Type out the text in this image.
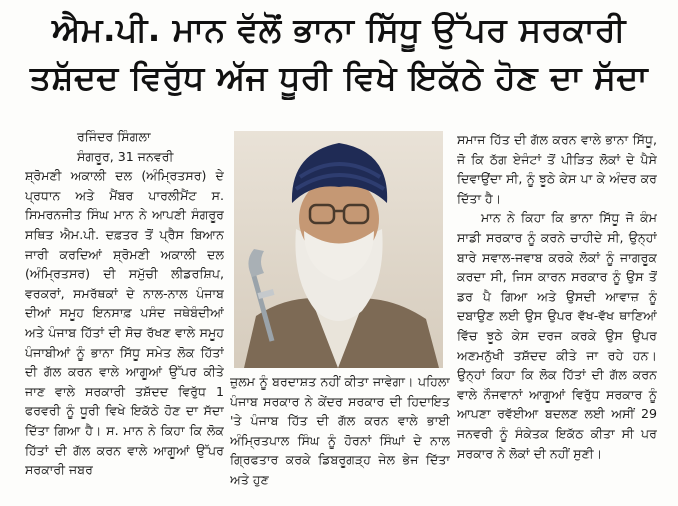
ਐਮ.ਪੀ. ਮਾਨ ਵੱਲੋਂ ਭਾਨਾ ਸਿੱਧੂ ਉੱਪਰ ਸਰਕਾਰੀ
ਤਸ਼ੱਦਦ ਵਿਰੁੱਧ ਅੱਜ ਧੂਰੀ ਵਿਖੇ ਇਕੱਠੇ ਹੋਣ ਦਾ ਸੱਦਾ

ਰਜਿੰਦਰ ਸਿੰਗਲਾ

ਸੰਗਰੂਰ, 31 ਜਨਵਰੀ

ਸ਼੍ਰੋਮਣੀ ਅਕਾਲੀ ਦਲ (ਅੰਮ੍ਰਿਤਸਰ) ਦੇ ਪ੍ਰਧਾਨ ਅਤੇ ਮੈਂਬਰ ਪਾਰਲੀਮੈਂਟ ਸ. ਸਿਮਰਨਜੀਤ ਸਿੰਘ ਮਾਨ ਨੇ ਆਪਣੀ ਸੰਗਰੂਰ ਸਥਿਤ ਐਮ.ਪੀ. ਦਫ਼ਤਰ ਤੋਂ ਪ੍ਰੈਸ ਬਿਆਨ ਜਾਰੀ ਕਰਦਿਆਂ ਸ਼੍ਰੋਮਣੀ ਅਕਾਲੀ ਦਲ (ਅੰਮ੍ਰਿਤਸਰ) ਦੀ ਸਮੁੱਚੀ ਲੀਡਰਸ਼ਿਪ, ਵਰਕਰਾਂ, ਸਮਰੱਥਕਾਂ ਦੇ ਨਾਲ-ਨਾਲ ਪੰਜਾਬ ਦੀਆਂ ਸਮੂਹ ਇਨਸਾਫ਼ ਪਸੰਦ ਜਥੇਬੰਦੀਆਂ ਅਤੇ ਪੰਜਾਬ ਹਿੱਤਾਂ ਦੀ ਸੋਚ ਰੱਖਣ ਵਾਲੇ ਸਮੂਹ ਪੰਜਾਬੀਆਂ ਨੂੰ ਭਾਨਾ ਸਿੱਧੂ ਸਮੇਤ ਲੋਕ ਹਿੱਤਾਂ ਦੀ ਗੱਲ ਕਰਨ ਵਾਲੇ ਆਗੂਆਂ ਉੱਪਰ ਕੀਤੇ ਜਾਣ ਵਾਲੇ ਸਰਕਾਰੀ ਤਸ਼ੱਦਦ ਵਿਰੁੱਧ 1 ਫਰਵਰੀ ਨੂੰ ਧੂਰੀ ਵਿਖੇ ਇਕੱਠੇ ਹੋਣ ਦਾ ਸੱਦਾ ਦਿੱਤਾ ਗਿਆ ਹੈ। ਸ. ਮਾਨ ਨੇ ਕਿਹਾ ਕਿ ਲੋਕ ਹਿੱਤਾਂ ਦੀ ਗੱਲ ਕਰਨ ਵਾਲੇ ਆਗੂਆਂ ਉੱਪਰ ਸਰਕਾਰੀ ਜਬਰ

ਜ਼ੁਲਮ ਨੂੰ ਬਰਦਾਸ਼ਤ ਨਹੀਂ ਕੀਤਾ ਜਾਵੇਗਾ। ਪਹਿਲਾ ਪੰਜਾਬ ਸਰਕਾਰ ਨੇ ਕੇਂਦਰ ਸਰਕਾਰ ਦੀ ਹਿਦਾਇਤ 'ਤੇ ਪੰਜਾਬ ਹਿੱਤ ਦੀ ਗੱਲ ਕਰਨ ਵਾਲੇ ਭਾਈ ਅੰਮ੍ਰਿਤਪਾਲ ਸਿੰਘ ਨੂੰ ਹੋਰਨਾਂ ਸਿੰਘਾਂ ਦੇ ਨਾਲ ਗ੍ਰਿਫਤਾਰ ਕਰਕੇ ਡਿਬਰੂਗੜ੍ਹ ਜੇਲ ਭੇਜ ਦਿੱਤਾ ਅਤੇ ਹੁਣ

ਸਮਾਜ ਹਿੱਤ ਦੀ ਗੱਲ ਕਰਨ ਵਾਲੇ ਭਾਨਾ ਸਿੱਧੂ, ਜੋ ਕਿ ਠੱਗ ਏਜੰਟਾਂ ਤੋਂ ਪੀੜਿਤ ਲੋਕਾਂ ਦੇ ਪੈਸੇ ਦਿਵਾਉਂਦਾ ਸੀ, ਨੂੰ ਝੂਠੇ ਕੇਸ ਪਾ ਕੇ ਅੰਦਰ ਕਰ ਦਿੱਤਾ ਹੈ।

ਮਾਨ ਨੇ ਕਿਹਾ ਕਿ ਭਾਨਾ ਸਿੱਧੂ ਜੋ ਕੰਮ ਸਾਡੀ ਸਰਕਾਰ ਨੂੰ ਕਰਨੇ ਚਾਹੀਦੇ ਸੀ, ਉਨ੍ਹਾਂ ਬਾਰੇ ਸਵਾਲ-ਜਵਾਬ ਕਰਕੇ ਲੋਕਾਂ ਨੂੰ ਜਾਗਰੂਕ ਕਰਦਾ ਸੀ, ਜਿਸ ਕਾਰਨ ਸਰਕਾਰ ਨੂੰ ਉਸ ਤੋਂ ਡਰ ਪੈ ਗਿਆ ਅਤੇ ਉਸਦੀ ਆਵਾਜ਼ ਨੂੰ ਦਬਾਉਣ ਲਈ ਉਸ ਉਪਰ ਵੱਖ-ਵੱਖ ਥਾਣਿਆਂ ਵਿੱਚ ਝੂਠੇ ਕੇਸ ਦਰਜ ਕਰਕੇ ਉਸ ਉਪਰ ਅਣਮਨੁੱਖੀ ਤਸ਼ੱਦਦ ਕੀਤੇ ਜਾ ਰਹੇ ਹਨ। ਉਨ੍ਹਾਂ ਕਿਹਾ ਕਿ ਲੋਕ ਹਿੱਤਾਂ ਦੀ ਗੱਲ ਕਰਨ ਵਾਲੇ ਨੌਜਵਾਨਾਂ ਆਗੂਆਂ ਵਿਰੁੱਧ ਸਰਕਾਰ ਨੂੰ ਆਪਣਾ ਰਵੱਈਆ ਬਦਲਣ ਲਈ ਅਸੀਂ 29 ਜਨਵਰੀ ਨੂੰ ਸੰਕੇਤਕ ਇਕੱਠ ਕੀਤਾ ਸੀ ਪਰ ਸਰਕਾਰ ਨੇ ਲੋਕਾਂ ਦੀ ਨਹੀਂ ਸੁਣੀ।
